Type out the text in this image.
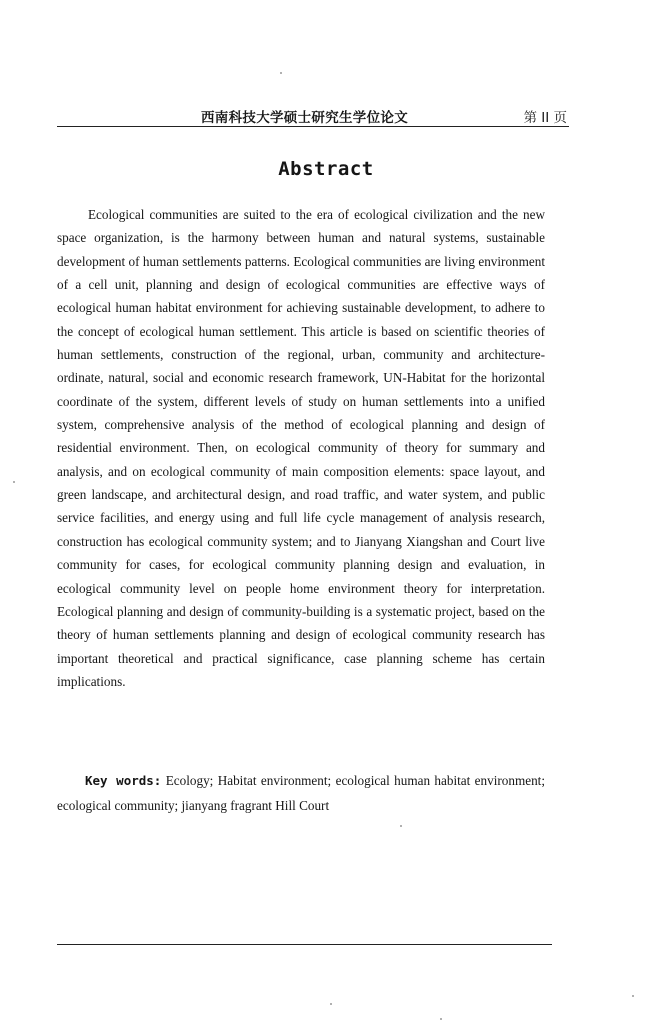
西南科技大学硕士研究生学位论文	第 II 页
Abstract

Ecological communities are suited to the era of ecological civilization and the new space organization, is the harmony between human and natural systems, sustainable development of human settlements patterns. Ecological communities are living environment of a cell unit, planning and design of ecological communities are effective ways of ecological human habitat environment for achieving sustainable development, to adhere to the concept of ecological human settlement. This article is based on scientific theories of human settlements, construction of the regional, urban, community and architecture-ordinate, natural, social and economic research framework, UN-Habitat for the horizontal coordinate of the system, different levels of study on human settlements into a unified system, comprehensive analysis of the method of ecological planning and design of residential environment. Then, on ecological community of theory for summary and analysis, and on ecological community of main composition elements: space layout, and green landscape, and architectural design, and road traffic, and water system, and public service facilities, and energy using and full life cycle management of analysis research, construction has ecological community system; and to Jianyang Xiangshan and Court live community for cases, for ecological community planning design and evaluation, in ecological community level on people home environment theory for interpretation. Ecological planning and design of community-building is a systematic project, based on the theory of human settlements planning and design of ecological community research has important theoretical and practical significance, case planning scheme has certain implications.

Key words: Ecology; Habitat environment; ecological human habitat environment; ecological community; jianyang fragrant Hill Court
